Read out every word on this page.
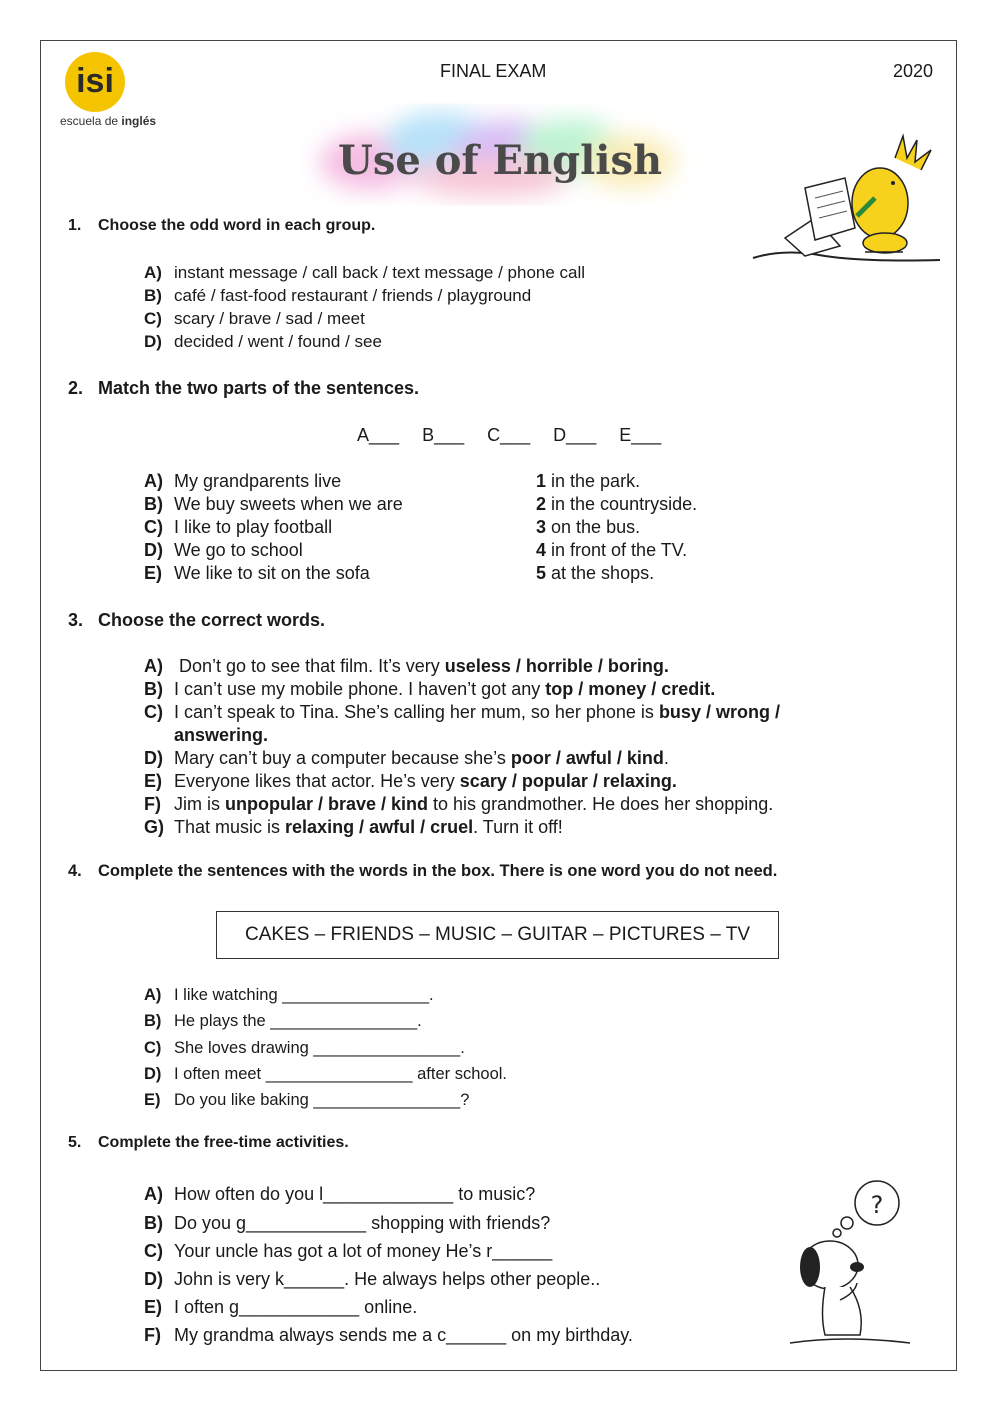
isi
escuela de inglés
FINAL EXAM	2020
Use of English
1. Choose the odd word in each group.
A) instant message / call back / text message / phone call
B) café / fast-food restaurant / friends / playground
C) scary / brave / sad / meet
D) decided / went / found / see
2. Match the two parts of the sentences.
A___ B___ C___ D___ E___
A) My grandparents live
B) We buy sweets when we are
C) I like to play football
D) We go to school
E) We like to sit on the sofa
1 in the park.
2 in the countryside.
3 on the bus.
4 in front of the TV.
5 at the shops.
3. Choose the correct words.
A) Don’t go to see that film. It’s very useless / horrible / boring.
B) I can’t use my mobile phone. I haven’t got any top / money / credit.
C) I can’t speak to Tina. She’s calling her mum, so her phone is busy / wrong /
answering.
D) Mary can’t buy a computer because she’s poor / awful / kind.
E) Everyone likes that actor. He’s very scary / popular / relaxing.
F) Jim is unpopular / brave / kind to his grandmother. He does her shopping.
G) That music is relaxing / awful / cruel. Turn it off!
4. Complete the sentences with the words in the box. There is one word you do not need.
CAKES – FRIENDS – MUSIC – GUITAR – PICTURES – TV
A) I like watching ________________.
B) He plays the ________________.
C) She loves drawing ________________.
D) I often meet ________________ after school.
E) Do you like baking ________________?
5. Complete the free-time activities.
A) How often do you l_____________ to music?
B) Do you g____________ shopping with friends?
C) Your uncle has got a lot of money He’s r______
D) John is very k______. He always helps other people..
E) I often g____________ online.
F) My grandma always sends me a c______ on my birthday.
?
